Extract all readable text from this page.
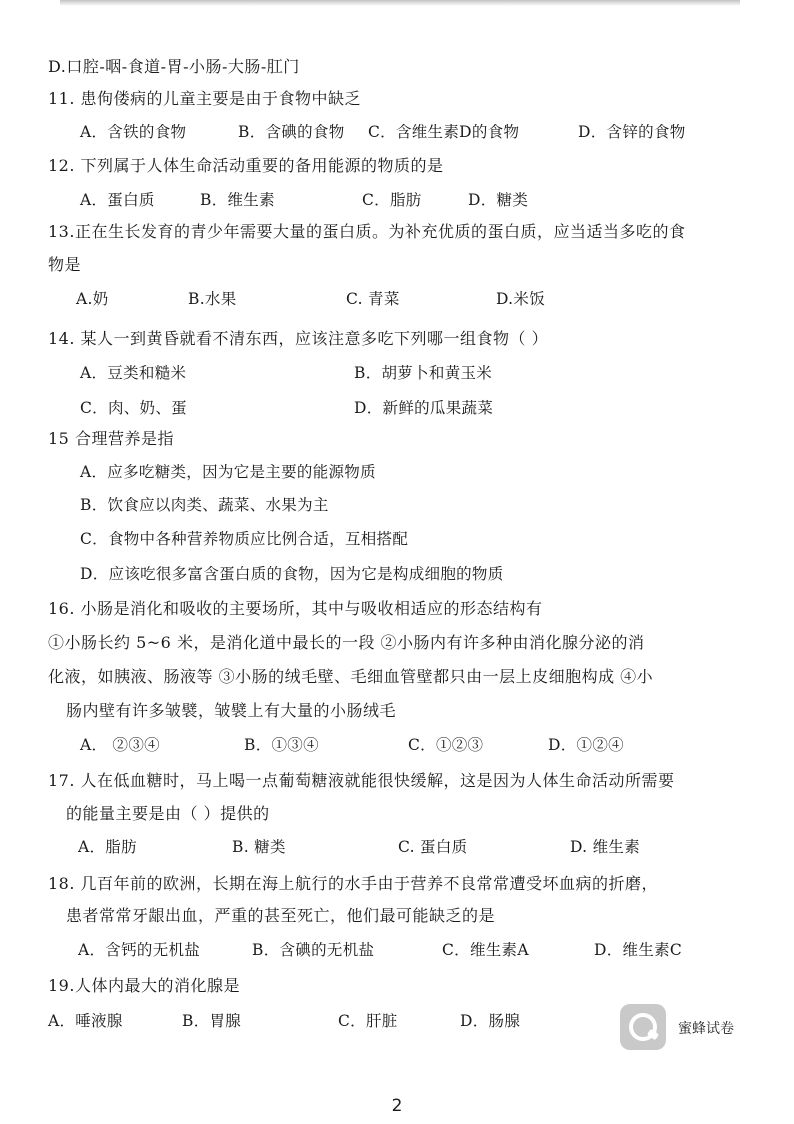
D.口腔-咽-食道-胃-小肠-大肠-肛门
11. 患佝偻病的儿童主要是由于食物中缺乏
A．含铁的食物	B．含碘的食物 C．含维生素D的食物	D．含锌的食物
12. 下列属于人体生命活动重要的备用能源的物质的是
A．蛋白质	B．维生素	C．脂肪	D．糖类
13.正在生长发育的青少年需要大量的蛋白质。为补充优质的蛋白质，应当适当多吃的食
物是
A.奶	B.水果	C. 青菜	D.米饭
14. 某人一到黄昏就看不清东西，应该注意多吃下列哪一组食物（ ）
A．豆类和糙米	B．胡萝卜和黄玉米
C．肉、奶、蛋	D．新鲜的瓜果蔬菜
15 合理营养是指
A．应多吃糖类，因为它是主要的能源物质
B．饮食应以肉类、蔬菜、水果为主
C．食物中各种营养物质应比例合适，互相搭配
D．应该吃很多富含蛋白质的食物，因为它是构成细胞的物质
16. 小肠是消化和吸收的主要场所，其中与吸收相适应的形态结构有
①小肠长约 5~6 米，是消化道中最长的一段 ②小肠内有许多种由消化腺分泌的消
化液，如胰液、肠液等 ③小肠的绒毛壁、毛细血管壁都只由一层上皮细胞构成 ④小
肠内壁有许多皱襞，皱襞上有大量的小肠绒毛
A． ②③④	B．①③④	C．①②③	D．①②④
17. 人在低血糖时，马上喝一点葡萄糖液就能很快缓解，这是因为人体生命活动所需要
的能量主要是由（ ）提供的
A．脂肪	B. 糖类	C. 蛋白质	D. 维生素
18. 几百年前的欧洲，长期在海上航行的水手由于营养不良常常遭受坏血病的折磨，
患者常常牙龈出血，严重的甚至死亡，他们最可能缺乏的是
A．含钙的无机盐	B．含碘的无机盐	C．维生素A	D．维生素C
19.人体内最大的消化腺是
A．唾液腺	B．胃腺	C．肝脏	D．肠腺	蜜蜂试卷
2
